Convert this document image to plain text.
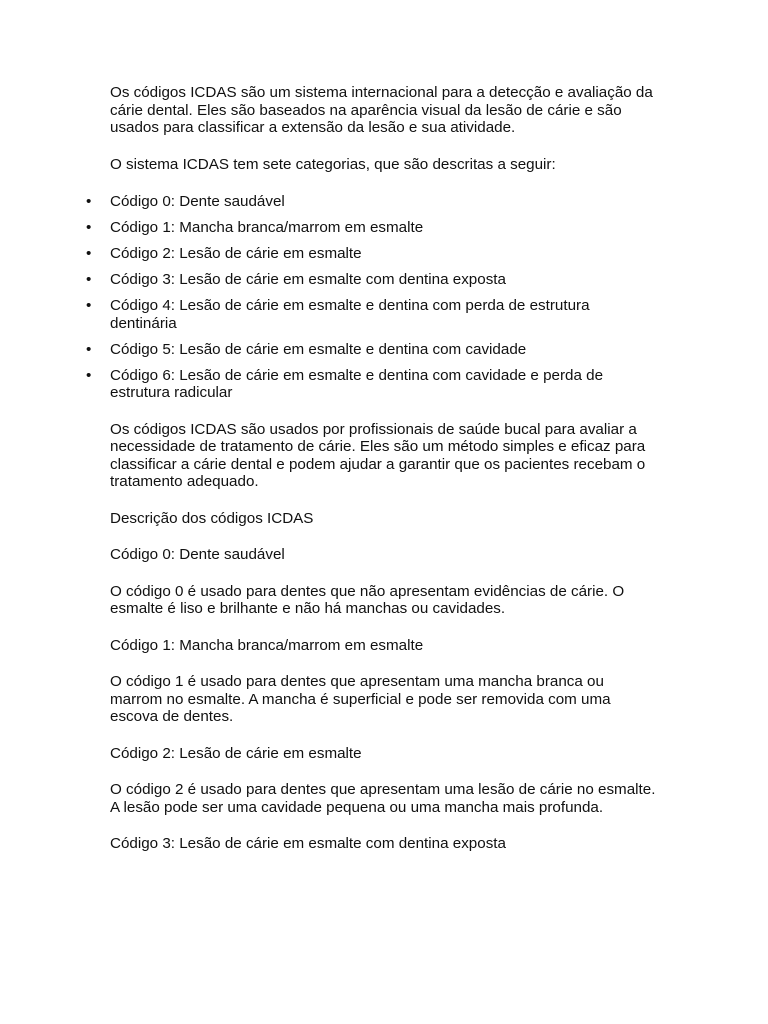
Os códigos ICDAS são um sistema internacional para a detecção e avaliação da cárie dental. Eles são baseados na aparência visual da lesão de cárie e são usados para classificar a extensão da lesão e sua atividade.

O sistema ICDAS tem sete categorias, que são descritas a seguir:

• Código 0: Dente saudável
• Código 1: Mancha branca/marrom em esmalte
• Código 2: Lesão de cárie em esmalte
• Código 3: Lesão de cárie em esmalte com dentina exposta
• Código 4: Lesão de cárie em esmalte e dentina com perda de estrutura dentinária
• Código 5: Lesão de cárie em esmalte e dentina com cavidade
• Código 6: Lesão de cárie em esmalte e dentina com cavidade e perda de estrutura radicular

Os códigos ICDAS são usados por profissionais de saúde bucal para avaliar a necessidade de tratamento de cárie. Eles são um método simples e eficaz para classificar a cárie dental e podem ajudar a garantir que os pacientes recebam o tratamento adequado.

Descrição dos códigos ICDAS

Código 0: Dente saudável

O código 0 é usado para dentes que não apresentam evidências de cárie. O esmalte é liso e brilhante e não há manchas ou cavidades.

Código 1: Mancha branca/marrom em esmalte

O código 1 é usado para dentes que apresentam uma mancha branca ou marrom no esmalte. A mancha é superficial e pode ser removida com uma escova de dentes.

Código 2: Lesão de cárie em esmalte

O código 2 é usado para dentes que apresentam uma lesão de cárie no esmalte. A lesão pode ser uma cavidade pequena ou uma mancha mais profunda.

Código 3: Lesão de cárie em esmalte com dentina exposta
